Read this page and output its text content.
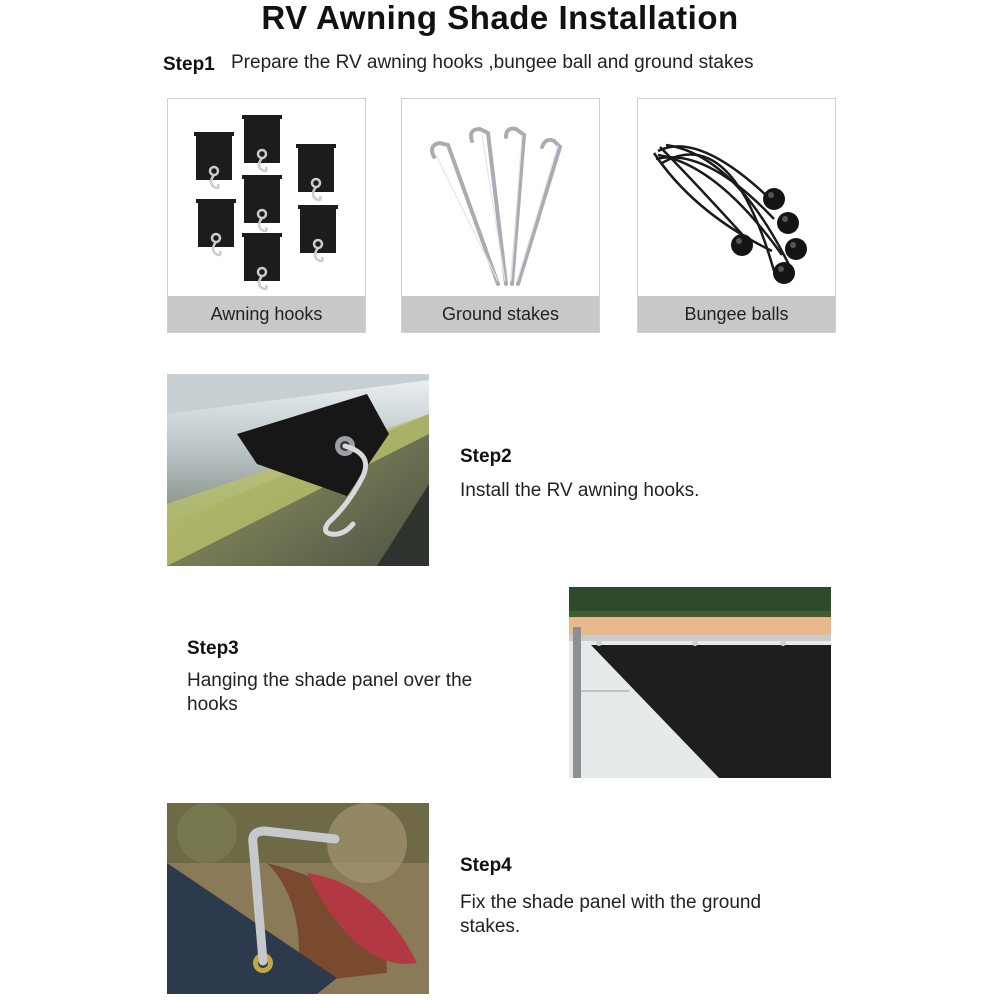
RV Awning Shade Installation
Step1 Prepare the RV awning hooks ,bungee ball and ground stakes
Awning hooks	Ground stakes	Bungee balls
Step2
Install the RV awning hooks.
Step3
Hanging the shade panel over the
hooks
Step4
Fix the shade panel with the ground
stakes.
